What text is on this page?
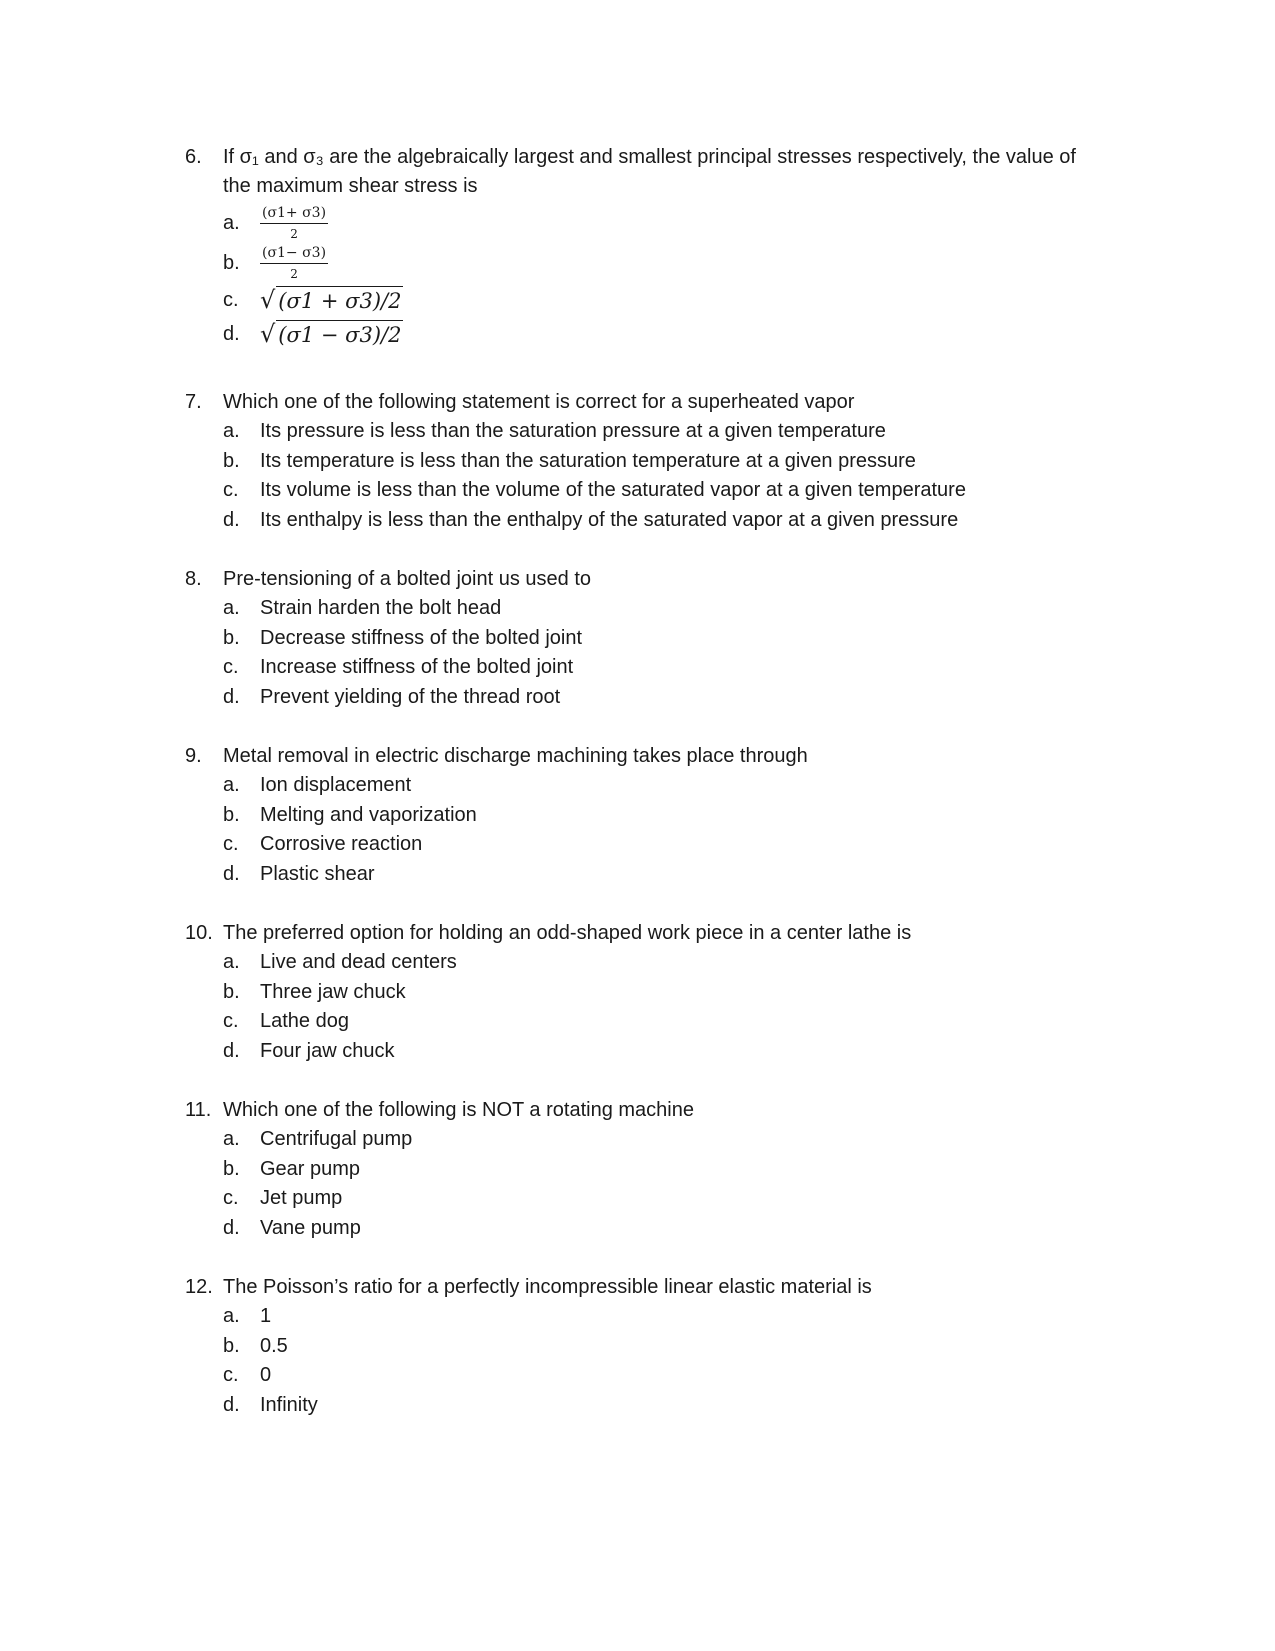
6.	If σ₁ and σ₃ are the algebraically largest and smallest principal stresses respectively, the value of
the maximum shear stress is
a.	$\frac{(\sigma 1+ \sigma 3)}{2}$
b.	$\frac{(\sigma 1- \sigma 3)}{2}$
c. √ (σ1 + σ3)/2
d. √ (σ1 − σ3)/2
7.	Which one of the following statement is correct for a superheated vapor
a.	Its pressure is less than the saturation pressure at a given temperature
b.	Its temperature is less than the saturation temperature at a given pressure
c.	Its volume is less than the volume of the saturated vapor at a given temperature
d.	Its enthalpy is less than the enthalpy of the saturated vapor at a given pressure
8.	Pre-tensioning of a bolted joint us used to
a.	Strain harden the bolt head
b.	Decrease stiffness of the bolted joint
c.	Increase stiffness of the bolted joint
d.	Prevent yielding of the thread root
9.	Metal removal in electric discharge machining takes place through
a.	Ion displacement
b.	Melting and vaporization
c.	Corrosive reaction
d.	Plastic shear
10. The preferred option for holding an odd-shaped work piece in a center lathe is
a.	Live and dead centers
b.	Three jaw chuck
c.	Lathe dog
d.	Four jaw chuck
11. Which one of the following is NOT a rotating machine
a.	Centrifugal pump
b.	Gear pump
c.	Jet pump
d.	Vane pump
12. The Poisson’s ratio for a perfectly incompressible linear elastic material is
a.	1
b.	0.5
c.	0
d.	Infinity
